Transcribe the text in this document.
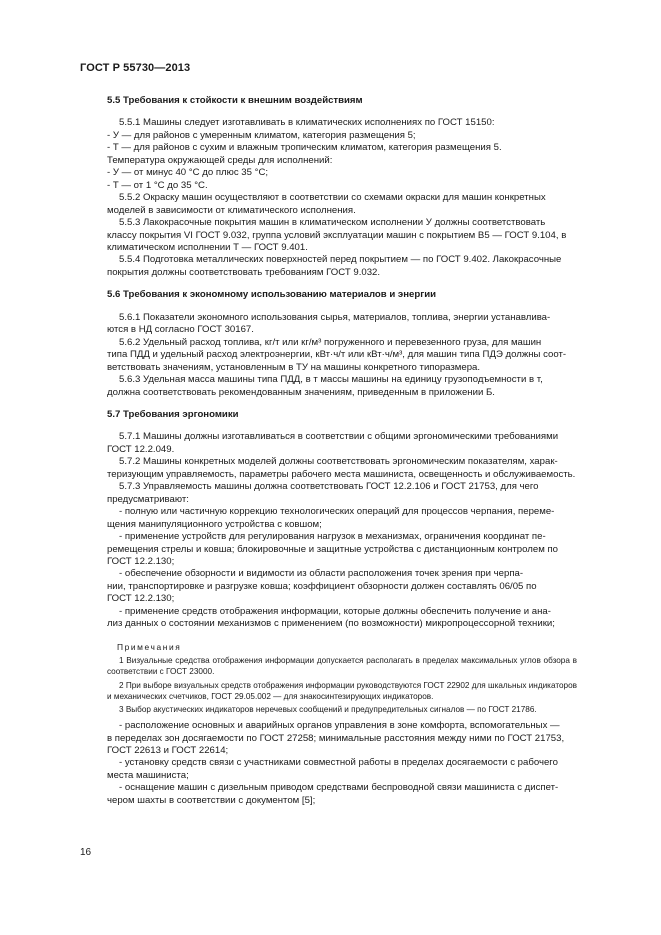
ГОСТ Р 55730—2013
5.5 Требования к стойкости к внешним воздействиям
5.5.1 Машины следует изготавливать в климатических исполнениях по ГОСТ 15150:
- У — для районов с умеренным климатом, категория размещения 5;
- Т — для районов с сухим и влажным тропическим климатом, категория размещения 5.
Температура окружающей среды для исполнений:
- У — от минус 40 °С до плюс 35 °С;
- Т — от 1 °С до 35 °С.
5.5.2 Окраску машин осуществляют в соответствии со схемами окраски для машин конкретных
моделей в зависимости от климатического исполнения.
5.5.3 Лакокрасочные покрытия машин в климатическом исполнении У должны соответствовать
классу покрытия VI ГОСТ 9.032, группа условий эксплуатации машин с покрытием В5 — ГОСТ 9.104, в
климатическом исполнении Т — ГОСТ 9.401.
5.5.4 Подготовка металлических поверхностей перед покрытием — по ГОСТ 9.402. Лакокрасочные
покрытия должны соответствовать требованиям ГОСТ 9.032.
5.6 Требования к экономному использованию материалов и энергии
5.6.1 Показатели экономного использования сырья, материалов, топлива, энергии устанавлива-
ются в НД согласно ГОСТ 30167.
5.6.2 Удельный расход топлива, кг/т или кг/м³ погруженного и перевезенного груза, для машин
типа ПДД и удельный расход электроэнергии, кВт·ч/т или кВт·ч/м³, для машин типа ПДЭ должны соот-
ветствовать значениям, установленным в ТУ на машины конкретного типоразмера.
5.6.3 Удельная масса машины типа ПДД, в т массы машины на единицу грузоподъемности в т,
должна соответствовать рекомендованным значениям, приведенным в приложении Б.
5.7 Требования эргономики
5.7.1 Машины должны изготавливаться в соответствии с общими эргономическими требованиями
ГОСТ 12.2.049.
5.7.2 Машины конкретных моделей должны соответствовать эргономическим показателям, харак-
теризующим управляемость, параметры рабочего места машиниста, освещенность и обслуживаемость.
5.7.3 Управляемость машины должна соответствовать ГОСТ 12.2.106 и ГОСТ 21753, для чего
предусматривают:
- полную или частичную коррекцию технологических операций для процессов черпания, переме-
щения манипуляционного устройства с ковшом;
- применение устройств для регулирования нагрузок в механизмах, ограничения координат пе-
ремещения стрелы и ковша; блокировочные и защитные устройства с дистанционным контролем по
ГОСТ 12.2.130;
- обеспечение обзорности и видимости из области расположения точек зрения при черпа-
нии, транспортировке и разгрузке ковша; коэффициент обзорности должен составлять 06/05 по
ГОСТ 12.2.130;
- применение средств отображения информации, которые должны обеспечить получение и ана-
лиз данных о состоянии механизмов с применением (по возможности) микропроцессорной техники;
Примечания
1 Визуальные средства отображения информации допускается располагать в пределах максимальных углов обзора в соответствии с ГОСТ 23000.
2 При выборе визуальных средств отображения информации руководствуются ГОСТ 22902 для шкальных индикаторов и механических счетчиков, ГОСТ 29.05.002 — для знакосинтезирующих индикаторов.
3 Выбор акустических индикаторов неречевых сообщений и предупредительных сигналов — по ГОСТ 21786.
- расположение основных и аварийных органов управления в зоне комфорта, вспомогательных —
в переделах зон досягаемости по ГОСТ 27258; минимальные расстояния между ними по ГОСТ 21753,
ГОСТ 22613 и ГОСТ 22614;
- установку средств связи с участниками совместной работы в пределах досягаемости с рабочего
места машиниста;
- оснащение машин с дизельным приводом средствами беспроводной связи машиниста с диспет-
чером шахты в соответствии с документом [5];
16
